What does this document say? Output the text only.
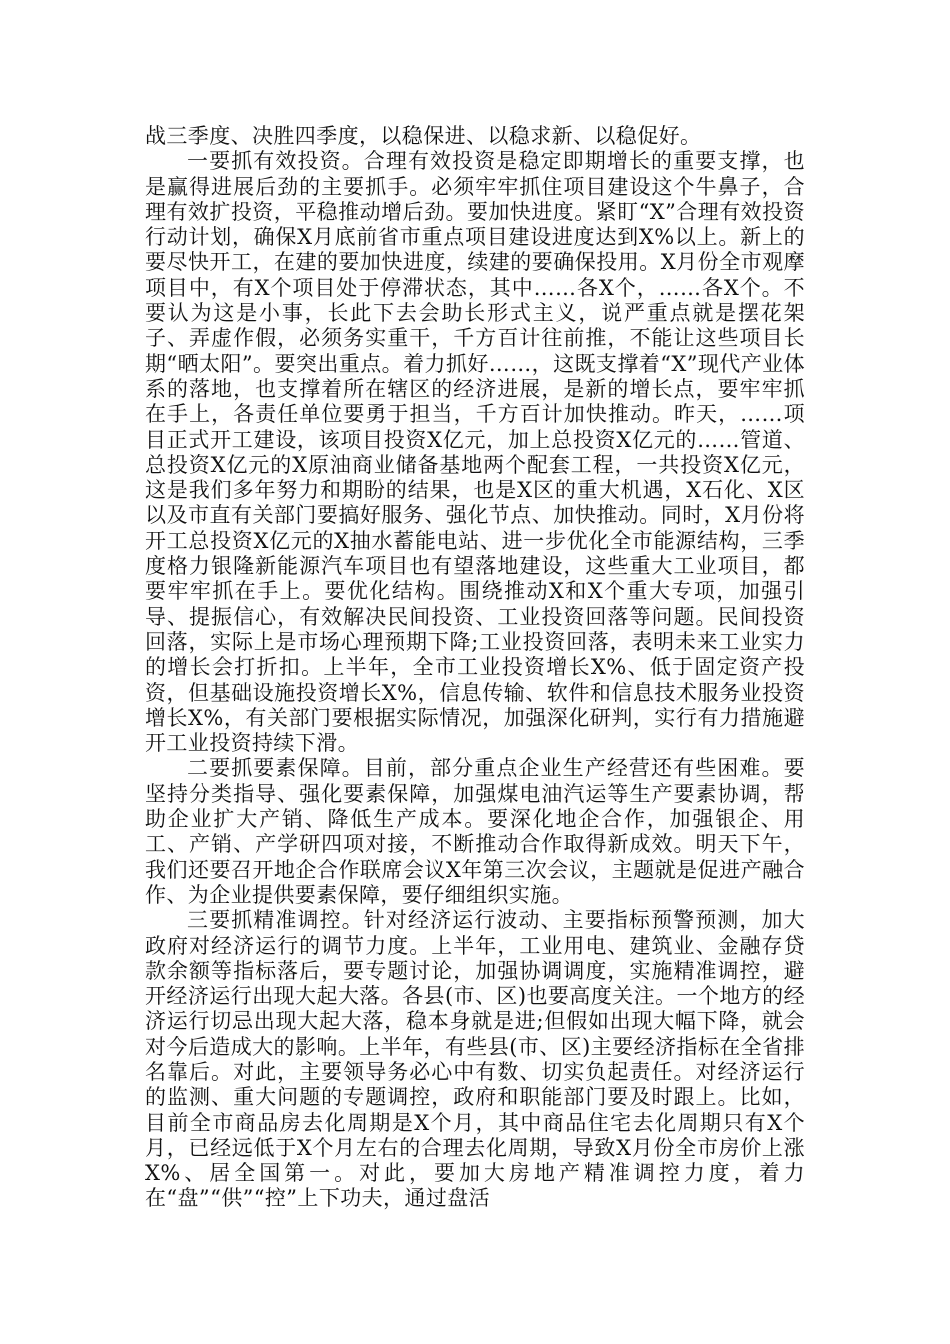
战三季度、决胜四季度，以稳保进、以稳求新、以稳促好。

一要抓有效投资。合理有效投资是稳定即期增长的重要支撑，也是赢得进展后劲的主要抓手。必须牢牢抓住项目建设这个牛鼻子，合理有效扩投资，平稳推动增后劲。要加快进度。紧盯“X”合理有效投资行动计划，确保X月底前省市重点项目建设进度达到X%以上。新上的要尽快开工，在建的要加快进度，续建的要确保投用。X月份全市观摩项目中，有X个项目处于停滞状态，其中……各X个，……各X个。不要认为这是小事，长此下去会助长形式主义，说严重点就是摆花架子、弄虚作假，必须务实重干，千方百计往前推，不能让这些项目长期“晒太阳”。要突出重点。着力抓好……，这既支撑着“X”现代产业体系的落地，也支撑着所在辖区的经济进展，是新的增长点，要牢牢抓在手上，各责任单位要勇于担当，千方百计加快推动。昨天，……项目正式开工建设，该项目投资X亿元，加上总投资X亿元的……管道、总投资X亿元的X原油商业储备基地两个配套工程，一共投资X亿元，这是我们多年努力和期盼的结果，也是X区的重大机遇，X石化、X区以及市直有关部门要搞好服务、强化节点、加快推动。同时，X月份将开工总投资X亿元的X抽水蓄能电站、进一步优化全市能源结构，三季度格力银隆新能源汽车项目也有望落地建设，这些重大工业项目，都要牢牢抓在手上。要优化结构。围绕推动X和X个重大专项，加强引导、提振信心，有效解决民间投资、工业投资回落等问题。民间投资回落，实际上是市场心理预期下降;工业投资回落，表明未来工业实力的增长会打折扣。上半年，全市工业投资增长X%、低于固定资产投资，但基础设施投资增长X%，信息传输、软件和信息技术服务业投资增长X%，有关部门要根据实际情况，加强深化研判，实行有力措施避开工业投资持续下滑。

二要抓要素保障。目前，部分重点企业生产经营还有些困难。要坚持分类指导、强化要素保障，加强煤电油汽运等生产要素协调，帮助企业扩大产销、降低生产成本。要深化地企合作，加强银企、用工、产销、产学研四项对接，不断推动合作取得新成效。明天下午，我们还要召开地企合作联席会议X年第三次会议，主题就是促进产融合作、为企业提供要素保障，要仔细组织实施。

三要抓精准调控。针对经济运行波动、主要指标预警预测，加大政府对经济运行的调节力度。上半年，工业用电、建筑业、金融存贷款余额等指标落后，要专题讨论，加强协调调度，实施精准调控，避开经济运行出现大起大落。各县(市、区)也要高度关注。一个地方的经济运行切忌出现大起大落，稳本身就是进;但假如出现大幅下降，就会对今后造成大的影响。上半年，有些县(市、区)主要经济指标在全省排名靠后。对此，主要领导务必心中有数、切实负起责任。对经济运行的监测、重大问题的专题调控，政府和职能部门要及时跟上。比如，目前全市商品房去化周期是X个月，其中商品住宅去化周期只有X个月，已经远低于X个月左右的合理去化周期，导致X月份全市房价上涨X%、居全国第一。对此，要加大房地产精准调控力度，着力在“盘”“供”“控”上下功夫，通过盘活
